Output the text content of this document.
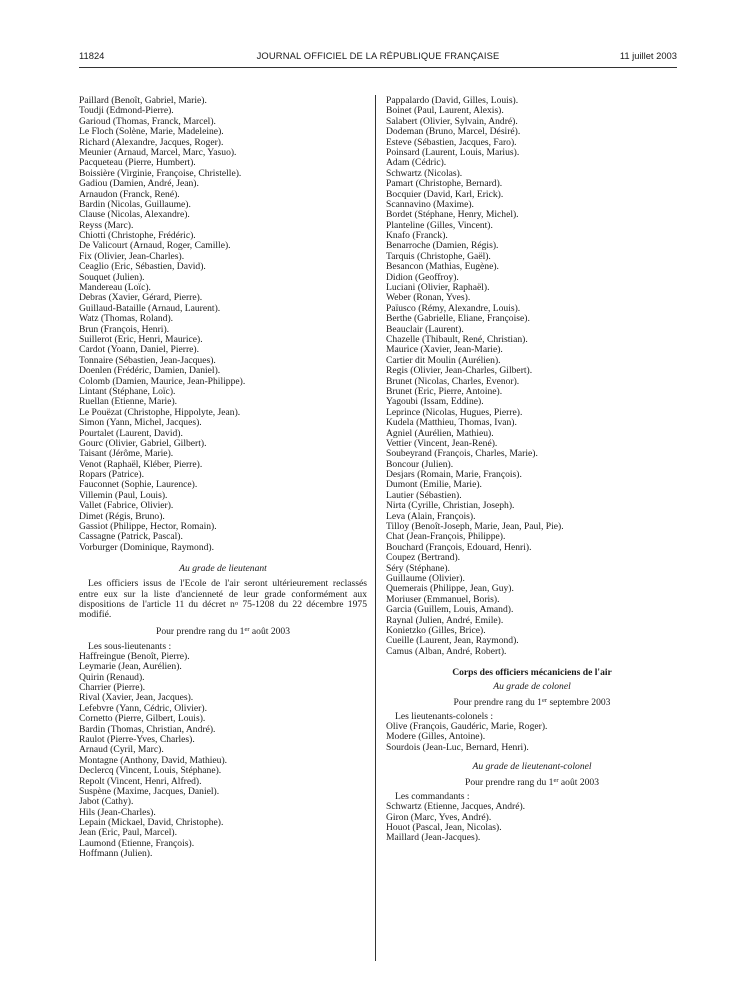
11824	JOURNAL OFFICIEL DE LA RÉPUBLIQUE FRANÇAISE	11 juillet 2003
Paillard (Benoît, Gabriel, Marie).
Toudji (Edmond-Pierre).
Garioud (Thomas, Franck, Marcel).
Le Floch (Solène, Marie, Madeleine).
Richard (Alexandre, Jacques, Roger).
Meunier (Arnaud, Marcel, Marc, Yasuo).
Pacqueteau (Pierre, Humbert).
Boissière (Virginie, Françoise, Christelle).
Gadiou (Damien, André, Jean).
Arnaudon (Franck, René).
Bardin (Nicolas, Guillaume).
Clause (Nicolas, Alexandre).
Reyss (Marc).
Chiotti (Christophe, Frédéric).
De Valicourt (Arnaud, Roger, Camille).
Fix (Olivier, Jean-Charles).
Ceaglio (Eric, Sébastien, David).
Souquet (Julien).
Mandereau (Loïc).
Debras (Xavier, Gérard, Pierre).
Guillaud-Bataille (Arnaud, Laurent).
Watz (Thomas, Roland).
Brun (François, Henri).
Suillerot (Eric, Henri, Maurice).
Cardot (Yoann, Daniel, Pierre).
Tonnaire (Sébastien, Jean-Jacques).
Doenlen (Frédéric, Damien, Daniel).
Colomb (Damien, Maurice, Jean-Philippe).
Lintant (Stéphane, Loïc).
Ruellan (Etienne, Marie).
Le Pouëzat (Christophe, Hippolyte, Jean).
Simon (Yann, Michel, Jacques).
Pourtalet (Laurent, David).
Gourc (Olivier, Gabriel, Gilbert).
Taisant (Jérôme, Marie).
Venot (Raphaël, Kléber, Pierre).
Ropars (Patrice).
Fauconnet (Sophie, Laurence).
Villemin (Paul, Louis).
Vallet (Fabrice, Olivier).
Dimet (Régis, Bruno).
Gassiot (Philippe, Hector, Romain).
Cassagne (Patrick, Pascal).
Vorburger (Dominique, Raymond).
Au grade de lieutenant
Les officiers issus de l'Ecole de l'air seront ultérieurement reclassés entre eux sur la liste d'ancienneté de leur grade conformément aux dispositions de l'article 11 du décret $n^o$ 75-1208 du 22 décembre 1975 modifié.
Pour prendre rang du 1er août 2003
Les sous-lieutenants :
Haffreingue (Benoît, Pierre).
Leymarie (Jean, Aurélien).
Quirin (Renaud).
Charrier (Pierre).
Rival (Xavier, Jean, Jacques).
Lefebvre (Yann, Cédric, Olivier).
Cornetto (Pierre, Gilbert, Louis).
Bardin (Thomas, Christian, André).
Raulot (Pierre-Yves, Charles).
Arnaud (Cyril, Marc).
Montagne (Anthony, David, Mathieu).
Declercq (Vincent, Louis, Stéphane).
Repolt (Vincent, Henri, Alfred).
Suspène (Maxime, Jacques, Daniel).
Jabot (Cathy).
Hils (Jean-Charles).
Lepain (Mickael, David, Christophe).
Jean (Eric, Paul, Marcel).
Laumond (Etienne, François).
Hoffmann (Julien).
Pappalardo (David, Gilles, Louis).
Boinet (Paul, Laurent, Alexis).
Salabert (Olivier, Sylvain, André).
Dodeman (Bruno, Marcel, Désiré).
Esteve (Sébastien, Jacques, Faro).
Poinsard (Laurent, Louis, Marius).
Adam (Cédric).
Schwartz (Nicolas).
Pamart (Christophe, Bernard).
Bocquier (David, Karl, Erick).
Scannavino (Maxime).
Bordet (Stéphane, Henry, Michel).
Planteline (Gilles, Vincent).
Knafo (Franck).
Benarroche (Damien, Régis).
Tarquis (Christophe, Gaël).
Besancon (Mathias, Eugène).
Didion (Geoffroy).
Luciani (Olivier, Raphaël).
Weber (Ronan, Yves).
Païusco (Rémy, Alexandre, Louis).
Berthe (Gabrielle, Eliane, Françoise).
Beauclair (Laurent).
Chazelle (Thibault, René, Christian).
Maurice (Xavier, Jean-Marie).
Cartier dit Moulin (Aurélien).
Regis (Olivier, Jean-Charles, Gilbert).
Brunet (Nicolas, Charles, Evenor).
Brunet (Eric, Pierre, Antoine).
Yagoubi (Issam, Eddine).
Leprince (Nicolas, Hugues, Pierre).
Kudela (Matthieu, Thomas, Ivan).
Agniel (Aurélien, Mathieu).
Vettier (Vincent, Jean-René).
Soubeyrand (François, Charles, Marie).
Boncour (Julien).
Desjars (Romain, Marie, François).
Dumont (Emilie, Marie).
Lautier (Sébastien).
Nirta (Cyrille, Christian, Joseph).
Leva (Alain, François).
Tilloy (Benoît-Joseph, Marie, Jean, Paul, Pie).
Chat (Jean-François, Philippe).
Bouchard (François, Edouard, Henri).
Coupez (Bertrand).
Séry (Stéphane).
Guillaume (Olivier).
Quemerais (Philippe, Jean, Guy).
Moriuser (Emmanuel, Boris).
Garcia (Guillem, Louis, Amand).
Raynal (Julien, André, Emile).
Konietzko (Gilles, Brice).
Cueille (Laurent, Jean, Raymond).
Camus (Alban, André, Robert).
Corps des officiers mécaniciens de l'air
Au grade de colonel
Pour prendre rang du 1er septembre 2003
Les lieutenants-colonels :
Olive (François, Gaudéric, Marie, Roger).
Modere (Gilles, Antoine).
Sourdois (Jean-Luc, Bernard, Henri).
Au grade de lieutenant-colonel
Pour prendre rang du 1er août 2003
Les commandants :
Schwartz (Etienne, Jacques, André).
Giron (Marc, Yves, André).
Houot (Pascal, Jean, Nicolas).
Maillard (Jean-Jacques).
